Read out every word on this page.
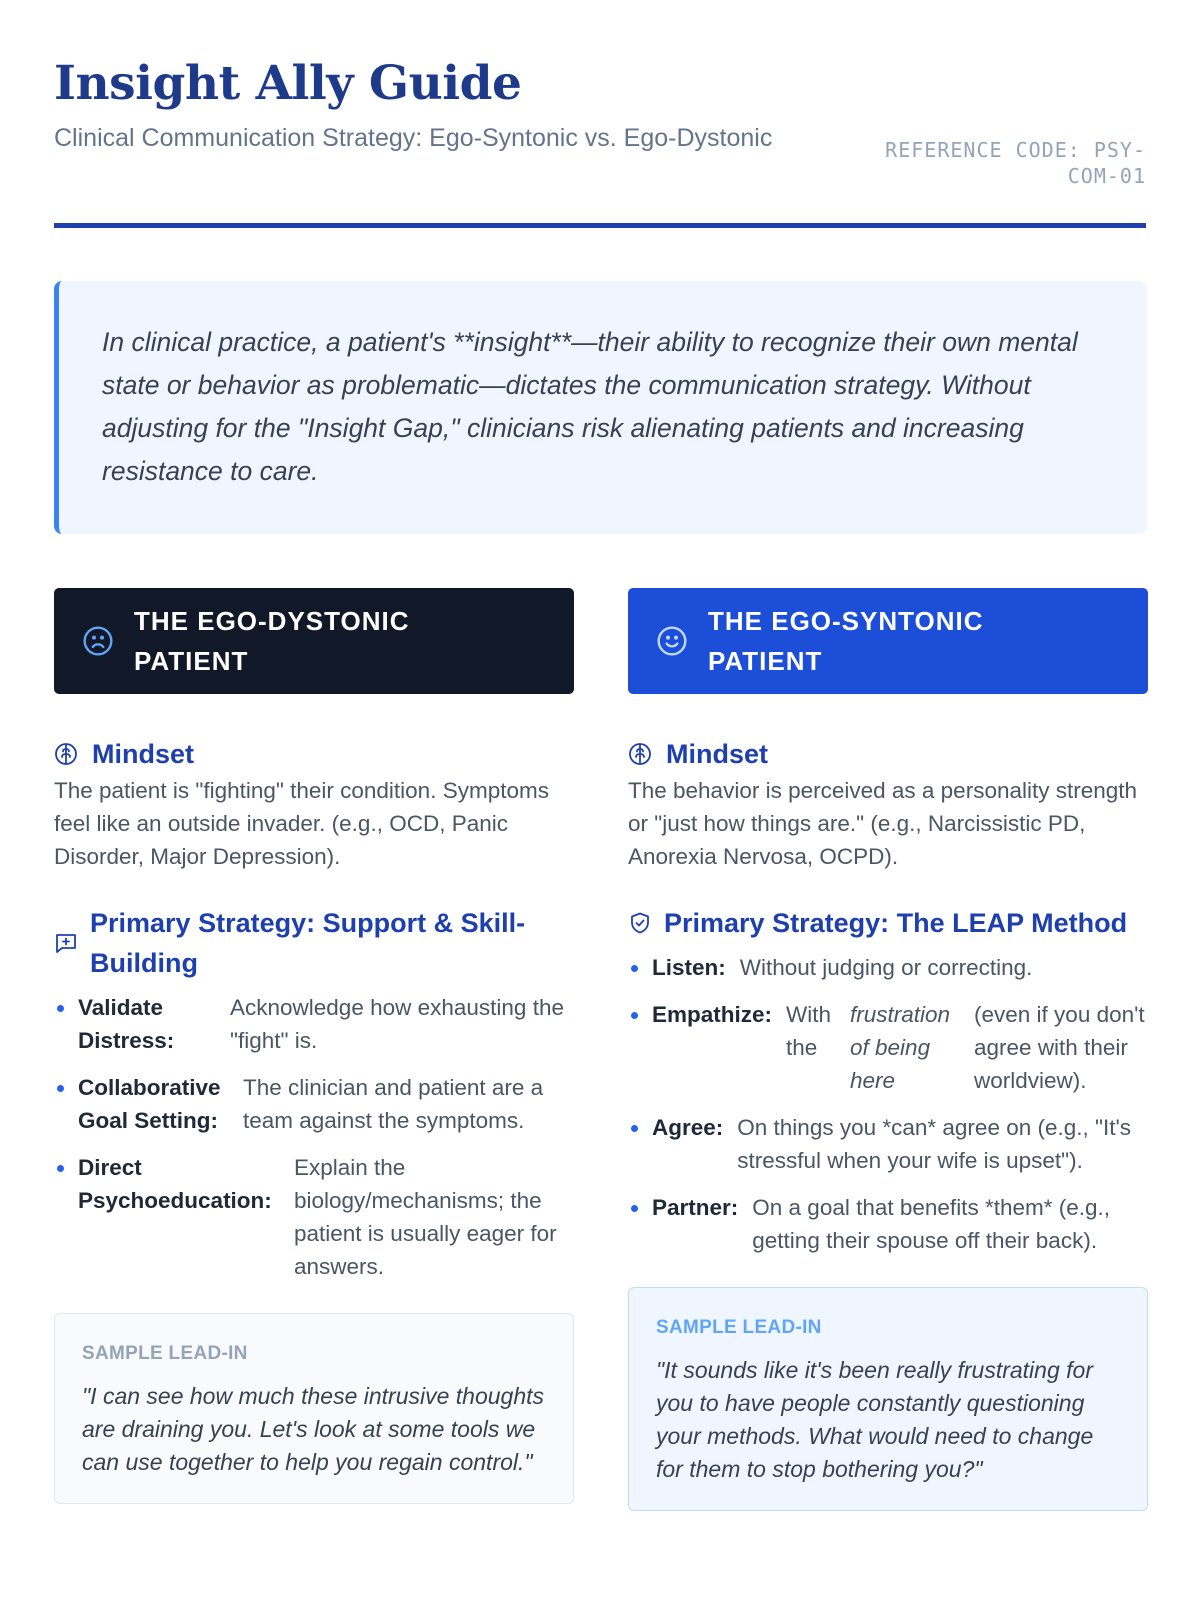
Insight Ally Guide
Clinical Communication Strategy: Ego-Syntonic vs. Ego-Dystonic	REFERENCE CODE: PSY-COM-01

In clinical practice, a patient's **insight**—their ability to recognize their own mental state or behavior as problematic—dictates the communication strategy. Without adjusting for the "Insight Gap," clinicians risk alienating patients and increasing resistance to care.

THE EGO-DYSTONIC PATIENT
Mindset
The patient is "fighting" their condition. Symptoms feel like an outside invader. (e.g., OCD, Panic Disorder, Major Depression).
Primary Strategy: Support & Skill-Building
Validate Distress:
Acknowledge how exhausting the "fight" is.
Collaborative Goal Setting:
The clinician and patient are a team against the symptoms.
Direct Psychoeducation:
Explain the biology/mechanisms; the patient is usually eager for answers.
SAMPLE LEAD-IN
"I can see how much these intrusive thoughts are draining you. Let's look at some tools we can use together to help you regain control."
THE EGO-SYNTONIC PATIENT
Mindset
The behavior is perceived as a personality strength or "just how things are." (e.g., Narcissistic PD, Anorexia Nervosa, OCPD).
Primary Strategy: The LEAP Method
Listen: Without judging or correcting.
Empathize: With the
frustration of being here
(even if you don't agree with their worldview).
Agree: On things you *can* agree on (e.g., "It's stressful when your wife is upset").
Partner: On a goal that benefits *them* (e.g., getting their spouse off their back).
SAMPLE LEAD-IN
"It sounds like it's been really frustrating for you to have people constantly questioning your methods. What would need to change for them to stop bothering you?"
